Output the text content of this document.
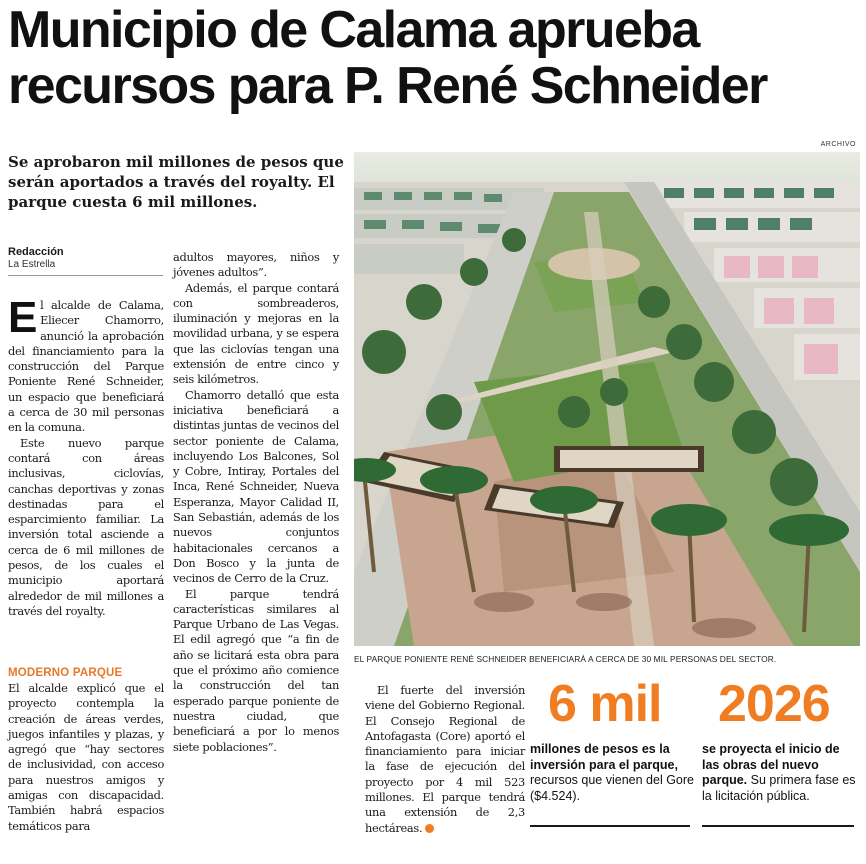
Municipio de Calama aprueba
recursos para P. René Schneider
ARCHIVO
Se aprobaron mil millones de pesos que serán aportados a través del royalty. El parque cuesta 6 mil millones.
Redacción
La Estrella

El alcalde de Calama, Eliecer Chamorro, anunció la aprobación del financiamiento para la construcción del Parque Poniente René Schneider, un espacio que beneficiará a cerca de 30 mil personas en la comuna.

Este nuevo parque contará con áreas inclusivas, ciclovías, canchas deportivas y zonas destinadas para el esparcimiento familiar. La inversión total asciende a cerca de 6 mil millones de pesos, de los cuales el municipio aportará alrededor de mil millones a través del royalty.

MODERNO PARQUE

El alcalde explicó que el proyecto contempla la creación de áreas verdes, juegos infantiles y plazas, y agregó que “hay sectores de inclusividad, con acceso para nuestros amigos y amigas con discapacidad. También habrá espacios temáticos para

adultos mayores, niños y jóvenes adultos”.

Además, el parque contará con sombreaderos, iluminación y mejoras en la movilidad urbana, y se espera que las ciclovías tengan una extensión de entre cinco y seis kilómetros.

Chamorro detalló que esta iniciativa beneficiará a distintas juntas de vecinos del sector poniente de Calama, incluyendo Los Balcones, Sol y Cobre, Intiray, Portales del Inca, René Schneider, Nueva Esperanza, Mayor Calidad II, San Sebastián, además de los nuevos conjuntos habitacionales cercanos a Don Bosco y la junta de vecinos de Cerro de la Cruz.

El parque tendrá características similares al Parque Urbano de Las Vegas. El edil agregó que “a fin de año se licitará esta obra para que el próximo año comience la construcción del tan esperado parque poniente de nuestra ciudad, que beneficiará a por lo menos siete poblaciones”.

El fuerte del inversión viene del Gobierno Regional. El Consejo Regional de Antofagasta (Core) aportó el financiamiento para iniciar la fase de ejecución del proyecto por 4 mil 523 millones. El parque tendrá una extensión de 2,3 hectáreas.

EL PARQUE PONIENTE RENÉ SCHNEIDER BENEFICIARÁ A CERCA DE 30 MIL PERSONAS DEL SECTOR.
6 mil
millones de pesos es la inversión para el parque, recursos que vienen del Gore ($4.524).
2026
se proyecta el inicio de las obras del nuevo parque. Su primera fase es la licitación pública.
